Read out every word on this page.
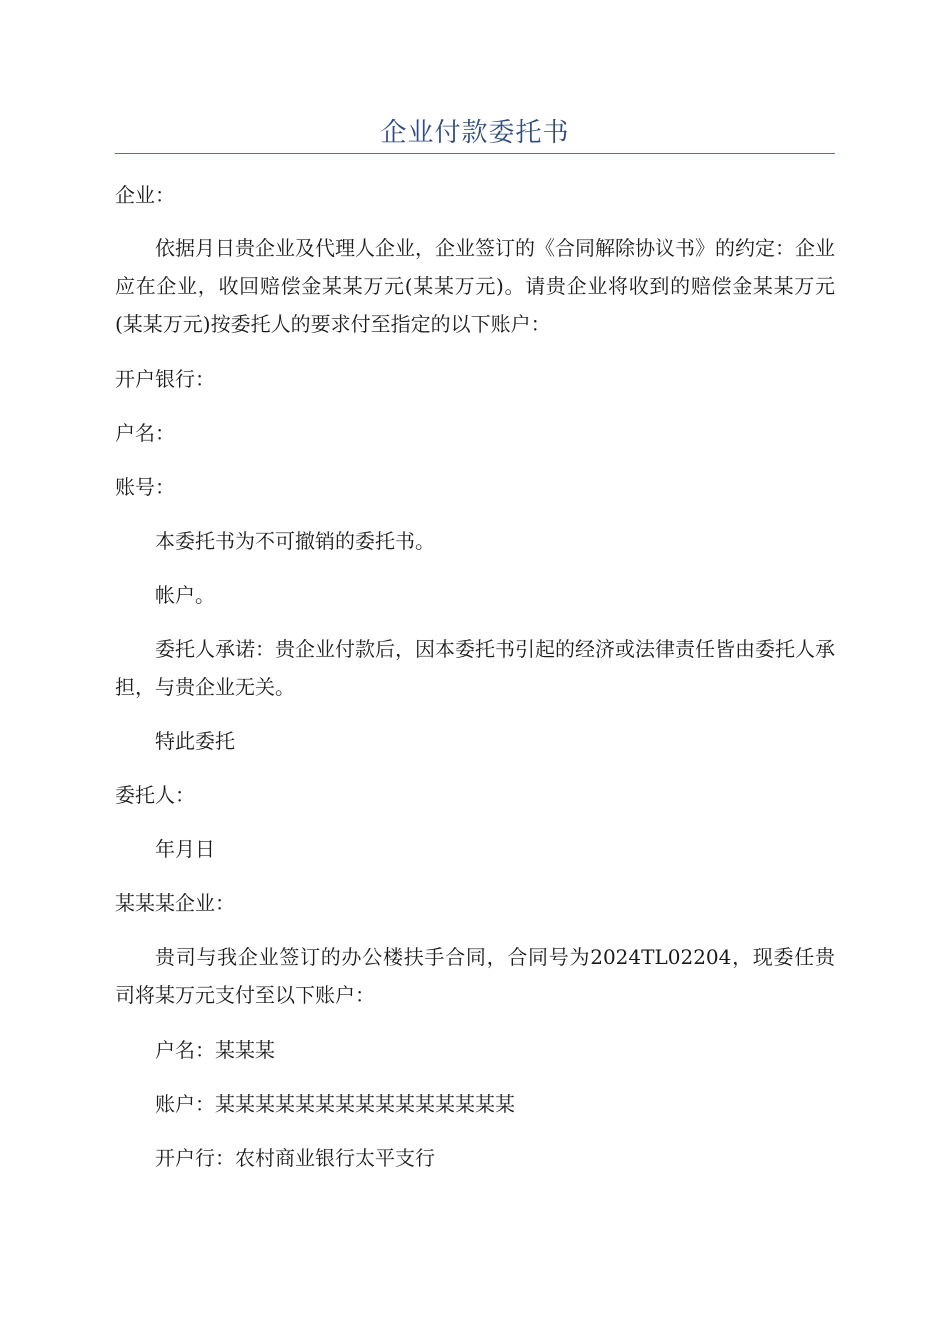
企业付款委托书

企业：

依据月日贵企业及代理人企业，企业签订的《合同解除协议书》的约定：企业应在企业，收回赔偿金某某万元(某某万元)。请贵企业将收到的赔偿金某某万元(某某万元)按委托人的要求付至指定的以下账户：

开户银行：

户名：

账号：

本委托书为不可撤销的委托书。

帐户。

委托人承诺：贵企业付款后，因本委托书引起的经济或法律责任皆由委托人承担，与贵企业无关。

特此委托

委托人：

年月日

某某某企业：

贵司与我企业签订的办公楼扶手合同，合同号为2024TL02204，现委任贵司将某万元支付至以下账户：

户名：某某某

账户：某某某某某某某某某某某某某某某

开户行：农村商业银行太平支行
